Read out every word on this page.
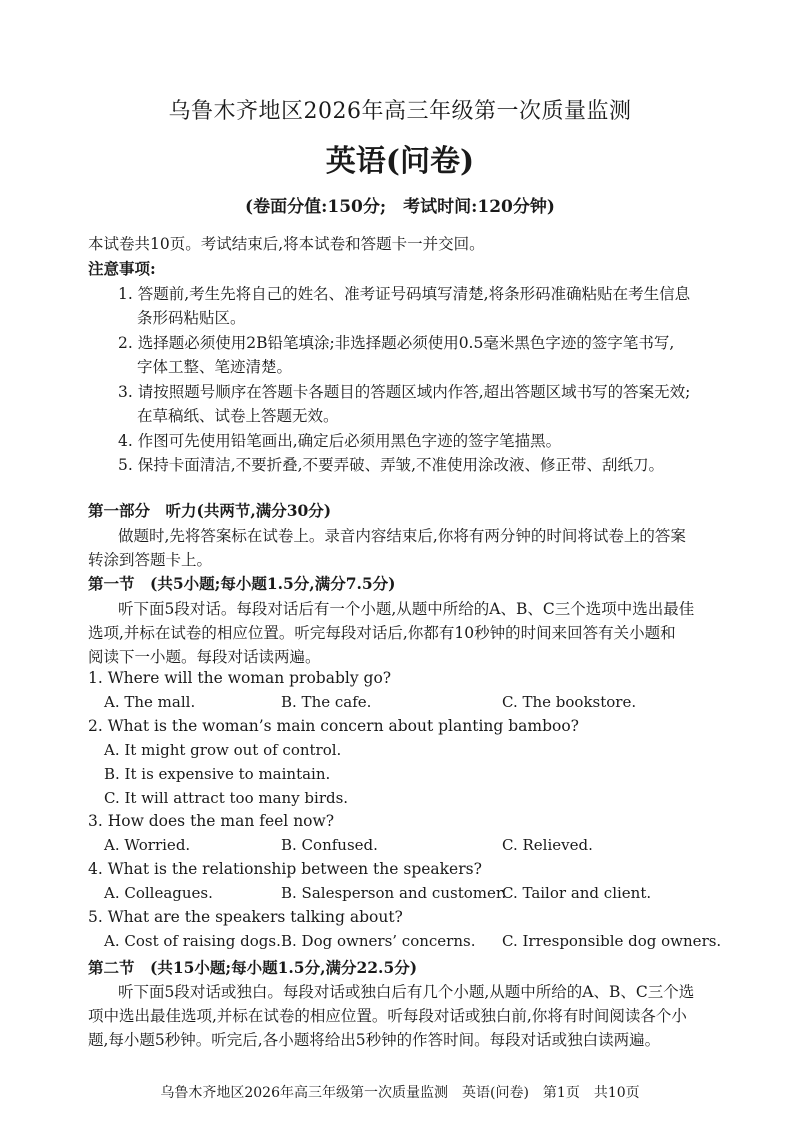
乌鲁木齐地区2026年高三年级第一次质量监测
英语(问卷)
(卷面分值:150分;　考试时间:120分钟)
本试卷共10页。考试结束后,将本试卷和答题卡一并交回。
注意事项:
1. 答题前,考生先将自己的姓名、准考证号码填写清楚,将条形码准确粘贴在考生信息
条形码粘贴区。
2. 选择题必须使用2B铅笔填涂;非选择题必须使用0.5毫米黑色字迹的签字笔书写,
字体工整、笔迹清楚。
3. 请按照题号顺序在答题卡各题目的答题区域内作答,超出答题区域书写的答案无效;
在草稿纸、试卷上答题无效。
4. 作图可先使用铅笔画出,确定后必须用黑色字迹的签字笔描黑。
5. 保持卡面清洁,不要折叠,不要弄破、弄皱,不准使用涂改液、修正带、刮纸刀。
第一部分　听力(共两节,满分30分)
做题时,先将答案标在试卷上。录音内容结束后,你将有两分钟的时间将试卷上的答案
转涂到答题卡上。
第一节　(共5小题;每小题1.5分,满分7.5分)
听下面5段对话。每段对话后有一个小题,从题中所给的A、B、C三个选项中选出最佳
选项,并标在试卷的相应位置。听完每段对话后,你都有10秒钟的时间来回答有关小题和
阅读下一小题。每段对话读两遍。
1. Where will the woman probably go?
A. The mall.	B. The cafe.	C. The bookstore.
2. What is the woman’s main concern about planting bamboo?
A. It might grow out of control.
B. It is expensive to maintain.
C. It will attract too many birds.
3. How does the man feel now?
A. Worried.	B. Confused.	C. Relieved.
4. What is the relationship between the speakers?
A. Colleagues.	B. Salesperson and customer.
C. Tailor and client.
5. What are the speakers talking about?
A. Cost of raising dogs. B. Dog owners’ concerns. C. Irresponsible dog owners.
第二节　(共15小题;每小题1.5分,满分22.5分)
听下面5段对话或独白。每段对话或独白后有几个小题,从题中所给的A、B、C三个选
项中选出最佳选项,并标在试卷的相应位置。听每段对话或独白前,你将有时间阅读各个小
题,每小题5秒钟。听完后,各小题将给出5秒钟的作答时间。每段对话或独白读两遍。
乌鲁木齐地区2026年高三年级第一次质量监测　英语(问卷)　第1页　共10页
